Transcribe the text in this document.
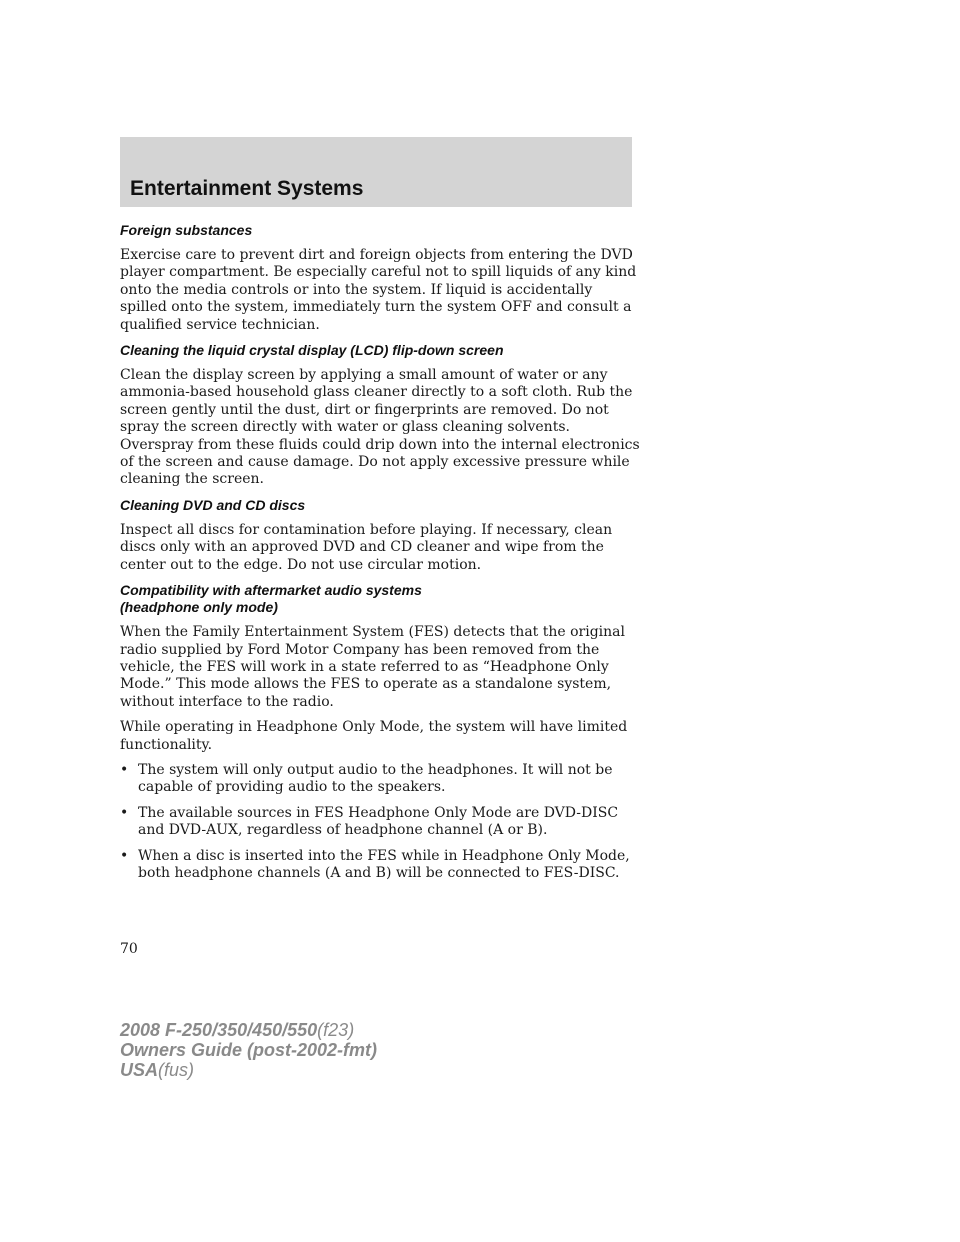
Entertainment Systems
Foreign substances

Exercise care to prevent dirt and foreign objects from entering the DVD player compartment. Be especially careful not to spill liquids of any kind onto the media controls or into the system. If liquid is accidentally spilled onto the system, immediately turn the system OFF and consult a qualified service technician.

Cleaning the liquid crystal display (LCD) flip-down screen

Clean the display screen by applying a small amount of water or any ammonia-based household glass cleaner directly to a soft cloth. Rub the screen gently until the dust, dirt or fingerprints are removed. Do not spray the screen directly with water or glass cleaning solvents. Overspray from these fluids could drip down into the internal electronics of the screen and cause damage. Do not apply excessive pressure while cleaning the screen.

Cleaning DVD and CD discs

Inspect all discs for contamination before playing. If necessary, clean discs only with an approved DVD and CD cleaner and wipe from the center out to the edge. Do not use circular motion.

Compatibility with aftermarket audio systems
(headphone only mode)

When the Family Entertainment System (FES) detects that the original radio supplied by Ford Motor Company has been removed from the vehicle, the FES will work in a state referred to as “Headphone Only Mode.” This mode allows the FES to operate as a standalone system, without interface to the radio.

While operating in Headphone Only Mode, the system will have limited functionality.

• The system will only output audio to the headphones. It will not be capable of providing audio to the speakers.
• The available sources in FES Headphone Only Mode are DVD-DISC and DVD-AUX, regardless of headphone channel (A or B).
• When a disc is inserted into the FES while in Headphone Only Mode, both headphone channels (A and B) will be connected to FES-DISC.
70
2008 F-250/350/450/550(f23)
Owners Guide (post-2002-fmt)
USA(fus)
